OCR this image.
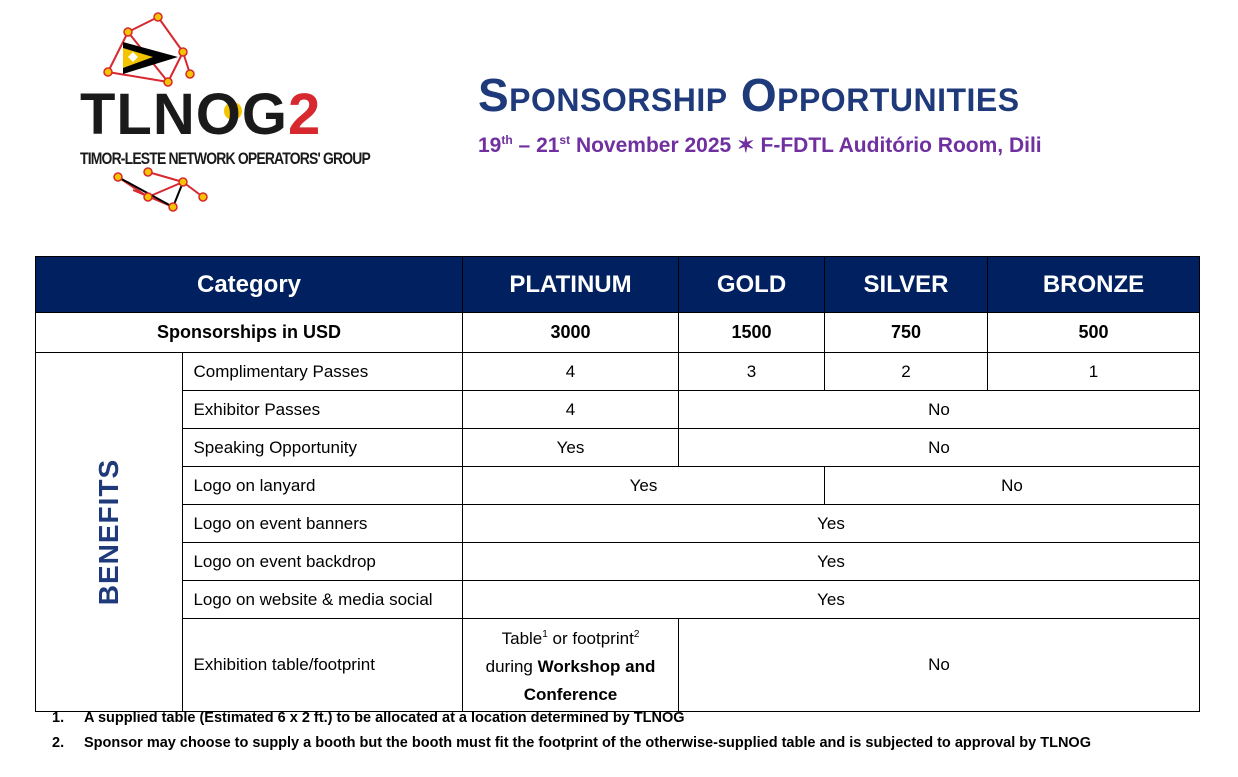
TLNOG2
TIMOR-LESTE NETWORK OPERATORS' GROUP
Sponsorship Opportunities
19th – 21st November 2025 ✶ F-FDTL Auditório Room, Dili
Category		PLATINUM	GOLD	SILVER	BRONZE
Sponsorships in USD		3000	1500	750	500
BENEFITS	Complimentary Passes	4	3	2	1
	Exhibitor Passes	4	No		
	Speaking Opportunity	Yes	No		
	Logo on lanyard	Yes		No	
	Logo on event banners	Yes			
	Logo on event backdrop	Yes			
	Logo on website & media social	Yes			
	Exhibition table/footprint	Table$^1$ or footprint$^2$
during Workshop and
Conference	No		
1. A supplied table (Estimated 6 x 2 ft.) to be allocated at a location determined by TLNOG
2. Sponsor may choose to supply a booth but the booth must fit the footprint of the otherwise-supplied table and is subjected to approval by TLNOG
